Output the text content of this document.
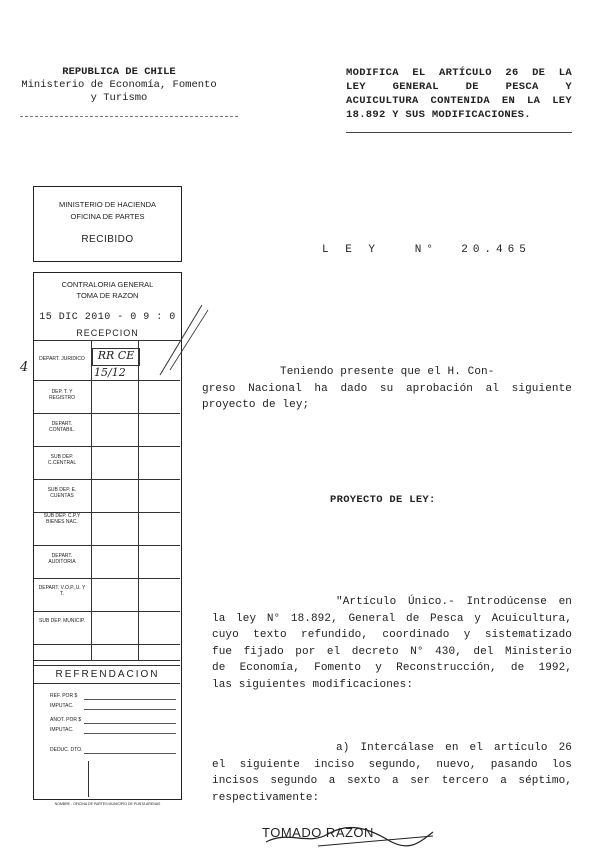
REPUBLICA DE CHILE
Ministerio de Economía, Fomento
y Turismo
MODIFICA EL ARTÍCULO 26 DE LA
LEY GENERAL DE PESCA Y
ACUICULTURA CONTENIDA EN LA LEY
18.892 Y SUS MODIFICACIONES.
MINISTERIO DE HACIENDA
OFICINA DE PARTES
RECIBIDO
CONTRALORIA GENERAL
TOMA DE RAZON
15 DIC 2010 - 0 9 : 0
RECEPCION
DEPART. JURIDICO
DEP. T. Y REGISTRO
DEPART. CONTABIL.
SUB DEP. C.CENTRAL
SUB DEP. E. CUENTAS
SUB DEP. C.P.Y BIENES NAC.
DEPART. AUDITORIA
DEPART. V.O.P.,U. Y T.
SUB DEP. MUNICIP.
RR CE
15/12
REFRENDACION
REF. POR $
IMPUTAC.
ANOT. POR $
IMPUTAC.
DEDUC. DTO.
NOMBRE - OFICINA DE PARTES MUNICIPIO DE PUNTA ARENAS
4
L E Y   N°  20.465
Teniendo presente que el H. Con-
greso Nacional ha dado su aprobación al siguiente
proyecto de ley;
PROYECTO DE LEY:
"Artículo Único.- Introdúcense en
la ley N° 18.892, General de Pesca y Acuicultura,
cuyo texto refundido, coordinado y sistematizado
fue fijado por el decreto N° 430, del Ministerio
de Economía, Fomento y Reconstrucción, de 1992,
las siguientes modificaciones:
a) Intercálase en el artículo 26
el siguiente inciso segundo, nuevo, pasando los
incisos segundo a sexto a ser tercero a séptimo,
respectivamente:
TOMADO RAZON
